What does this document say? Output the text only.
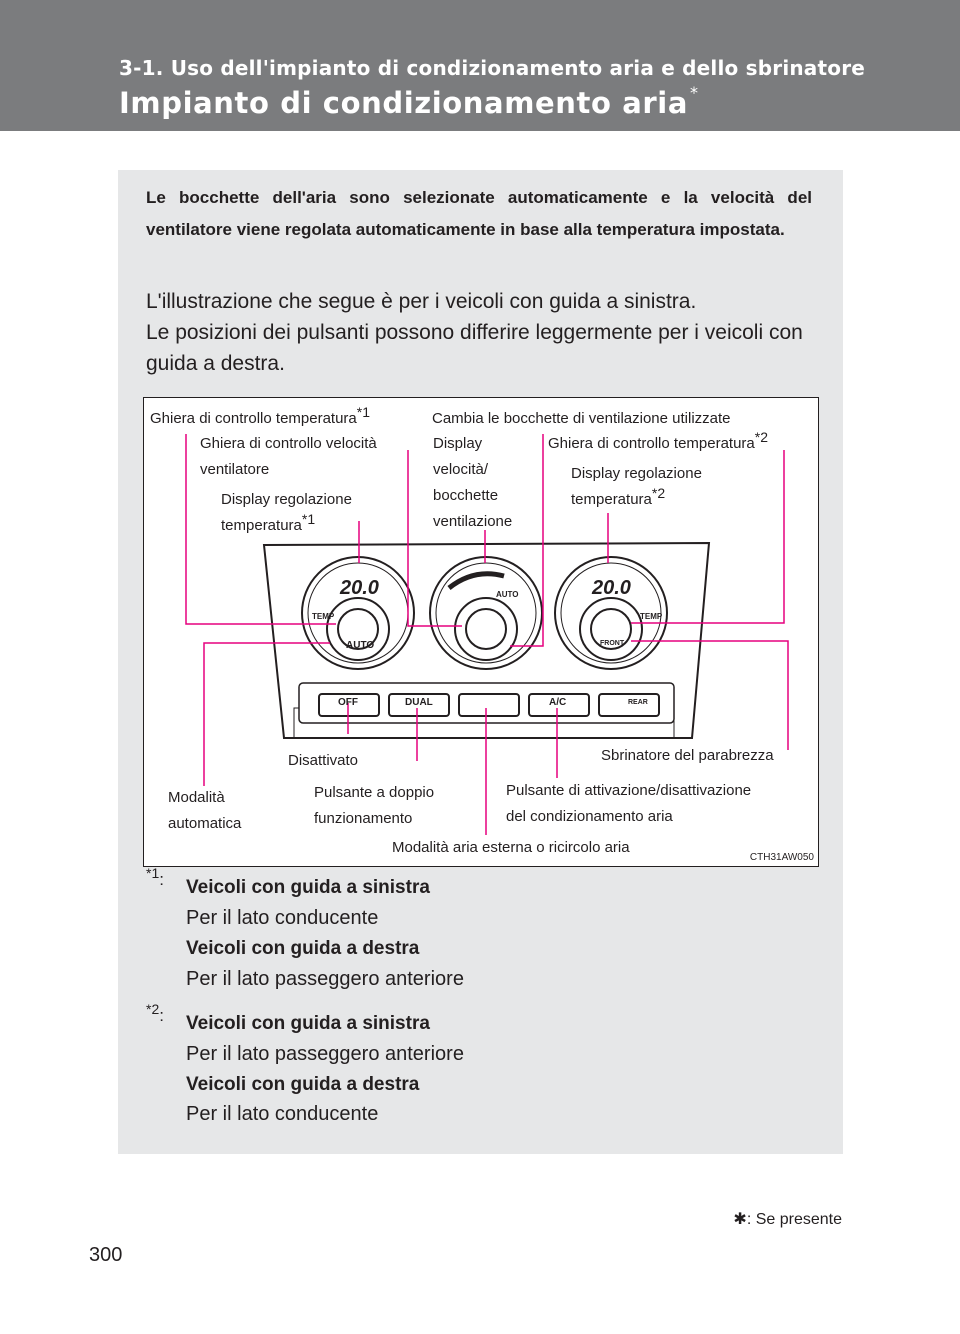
3-1. Uso dell'impianto di condizionamento aria e dello sbrinatore
Impianto di condizionamento aria *
Le bocchette dell'aria sono selezionate automaticamente e la velocità del ventilatore viene regolata automaticamente in base alla temperatura impostata.
L'illustrazione che segue è per i veicoli con guida a sinistra.
Le posizioni dei pulsanti possono differire leggermente per i veicoli con guida a destra.
20.0	20.0
TEMP	TEMP
AUTO
AUTO
FRONT
OFF	DUAL	A/C	REAR
Ghiera di controllo temperatura$^{*1}$	Cambia le bocchette di ventilazione utilizzate
Ghiera di controllo velocità
ventilatore
Display
velocità/
bocchette
ventilazione
Ghiera di controllo temperatura$^{*2}$
Display regolazione
temperatura$^{*1}$
Display regolazione
temperatura$^{*2}$
Disattivato	Sbrinatore del parabrezza
Modalità
automatica
Pulsante a doppio
funzionamento
Pulsante di attivazione/disattivazione
del condizionamento aria
Modalità aria esterna o ricircolo aria
CTH31AW050
$^{*1}$: Veicoli con guida a sinistra
Per il lato conducente
Veicoli con guida a destra
Per il lato passeggero anteriore
$^{*2}$: Veicoli con guida a sinistra
Per il lato passeggero anteriore
Veicoli con guida a destra
Per il lato conducente
✱: Se presente
300
